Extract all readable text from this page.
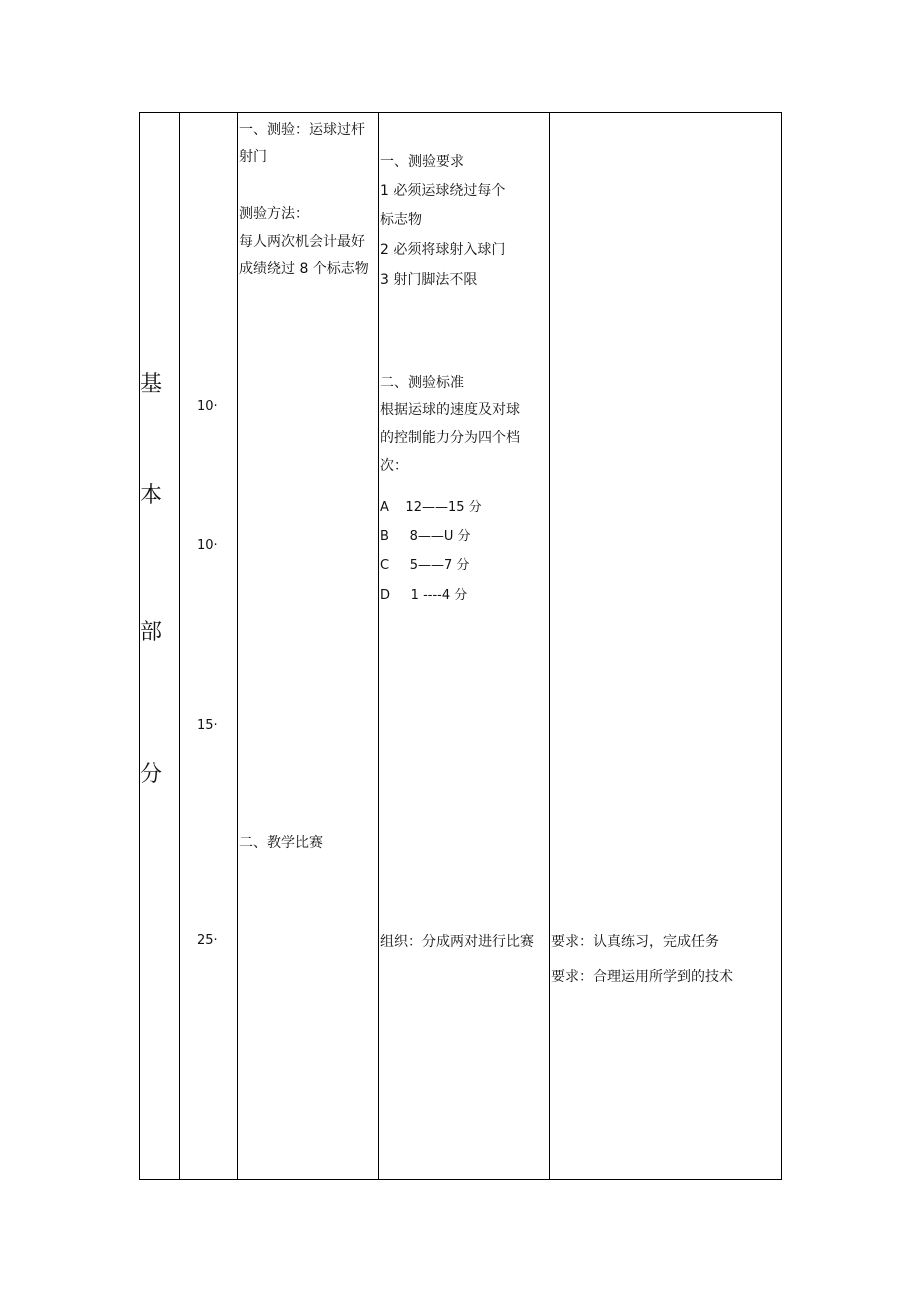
基
本
部
分
10·
10·
15·
25·
一、测验：运球过杆
射门
测验方法：
每人两次机会计最好
成绩绕过 8 个标志物
二、教学比赛
一、测验要求
1 必须运球绕过每个
标志物
2 必须将球射入球门
3 射门脚法不限
二、测验标准
根据运球的速度及对球
的控制能力分为四个档
次：
A    12——15 分
B     8——U 分
C     5——7 分
D     1 ----4 分
组织：分成两对进行比赛 要求：认真练习，完成任务
要求：合理运用所学到的技术
